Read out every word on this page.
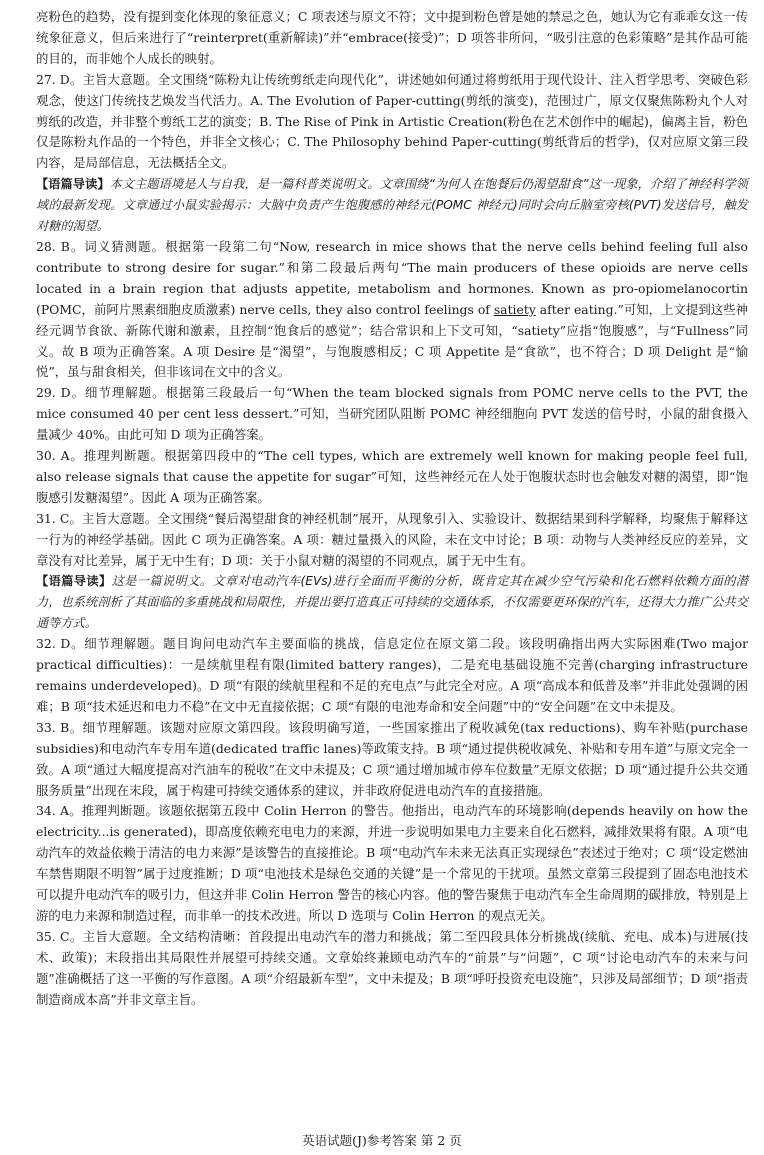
亮粉色的趋势，没有提到变化体现的象征意义；C 项表述与原文不符；文中提到粉色曾是她的禁忌之色，她认为它有乖乖女这一传统象征意义，但后来进行了“reinterpret(重新解读)”并“embrace(接受)”；D 项答非所问，“吸引注意的色彩策略”是其作品可能的目的，而非她个人成长的映射。

27. D。主旨大意题。全文围绕“陈粉丸让传统剪纸走向现代化”，讲述她如何通过将剪纸用于现代设计、注入哲学思考、突破色彩观念，使这门传统技艺焕发当代活力。A. The Evolution of Paper-cutting(剪纸的演变)，范围过广，原文仅聚焦陈粉丸个人对剪纸的改造，并非整个剪纸工艺的演变；B. The Rise of Pink in Artistic Creation(粉色在艺术创作中的崛起)，偏离主旨，粉色仅是陈粉丸作品的一个特色，并非全文核心；C. The Philosophy behind Paper-cutting(剪纸背后的哲学)，仅对应原文第三段内容，是局部信息，无法概括全文。

【语篇导读】本文主题语境是人与自我，是一篇科普类说明文。文章围绕“为何人在饱餐后仍渴望甜食”这一现象，介绍了神经科学领域的最新发现。文章通过小鼠实验揭示：大脑中负责产生饱腹感的神经元(POMC 神经元)同时会向丘脑室旁核(PVT)发送信号，触发对糖的渴望。

28. B。词义猜测题。根据第一段第二句“Now, research in mice shows that the nerve cells behind feeling full also contribute to strong desire for sugar.”和第二段最后两句“The main producers of these opioids are nerve cells located in a brain region that adjusts appetite, metabolism and hormones. Known as pro-opiomelanocortin (POMC，前阿片黑素细胞皮质激素) nerve cells, they also control feelings of satiety after eating.”可知，上文提到这些神经元调节食欲、新陈代谢和激素，且控制“饱食后的感觉”；结合常识和上下文可知，“satiety”应指“饱腹感”，与“Fullness”同义。故 B 项为正确答案。A 项 Desire 是“渴望”，与饱腹感相反；C 项 Appetite 是“食欲”，也不符合；D 项 Delight 是“愉悦”，虽与甜食相关，但非该词在文中的含义。

29. D。细节理解题。根据第三段最后一句“When the team blocked signals from POMC nerve cells to the PVT, the mice consumed 40 per cent less dessert.”可知，当研究团队阻断 POMC 神经细胞向 PVT 发送的信号时，小鼠的甜食摄入量减少 40%。由此可知 D 项为正确答案。

30. A。推理判断题。根据第四段中的“The cell types, which are extremely well known for making people feel full, also release signals that cause the appetite for sugar”可知，这些神经元在人处于饱腹状态时也会触发对糖的渴望，即“饱腹感引发糖渴望”。因此 A 项为正确答案。

31. C。主旨大意题。全文围绕“餐后渴望甜食的神经机制”展开，从现象引入、实验设计、数据结果到科学解释，均聚焦于解释这一行为的神经学基础。因此 C 项为正确答案。A 项：糖过量摄入的风险，未在文中讨论；B 项：动物与人类神经反应的差异，文章没有对比差异，属于无中生有；D 项：关于小鼠对糖的渴望的不同观点，属于无中生有。

【语篇导读】这是一篇说明文。文章对电动汽车(EVs)进行全面而平衡的分析，既肯定其在减少空气污染和化石燃料依赖方面的潜力，也系统剖析了其面临的多重挑战和局限性，并提出要打造真正可持续的交通体系，不仅需要更环保的汽车，还得大力推广公共交通等方式。

32. D。细节理解题。题目询问电动汽车主要面临的挑战，信息定位在原文第二段。该段明确指出两大实际困难(Two major practical difficulties)：一是续航里程有限(limited battery ranges)，二是充电基础设施不完善(charging infrastructure remains underdeveloped)。D 项“有限的续航里程和不足的充电点”与此完全对应。A 项“高成本和低普及率”并非此处强调的困难；B 项“技术延迟和电力不稳”在文中无直接依据；C 项“有限的电池寿命和安全问题”中的“安全问题”在文中未提及。

33. B。细节理解题。该题对应原文第四段。该段明确写道，一些国家推出了税收减免(tax reductions)、购车补贴(purchase subsidies)和电动汽车专用车道(dedicated traffic lanes)等政策支持。B 项“通过提供税收减免、补贴和专用车道”与原文完全一致。A 项“通过大幅度提高对汽油车的税收”在文中未提及；C 项“通过增加城市停车位数量”无原文依据；D 项“通过提升公共交通服务质量”出现在末段，属于构建可持续交通体系的建议，并非政府促进电动汽车的直接措施。

34. A。推理判断题。该题依据第五段中 Colin Herron 的警告。他指出，电动汽车的环境影响(depends heavily on how the electricity...is generated)，即高度依赖充电电力的来源，并进一步说明如果电力主要来自化石燃料，减排效果将有限。A 项“电动汽车的效益依赖于清洁的电力来源”是该警告的直接推论。B 项“电动汽车未来无法真正实现绿色”表述过于绝对；C 项“设定燃油车禁售期限不明智”属于过度推断；D 项“电池技术是绿色交通的关键”是一个常见的干扰项。虽然文章第三段提到了固态电池技术可以提升电动汽车的吸引力，但这并非 Colin Herron 警告的核心内容。他的警告聚焦于电动汽车全生命周期的碳排放，特别是上游的电力来源和制造过程，而非单一的技术改进。所以 D 选项与 Colin Herron 的观点无关。

35. C。主旨大意题。全文结构清晰：首段提出电动汽车的潜力和挑战；第二至四段具体分析挑战(续航、充电、成本)与进展(技术、政策)；末段指出其局限性并展望可持续交通。文章始终兼顾电动汽车的“前景”与“问题”，C 项“讨论电动汽车的未来与问题”准确概括了这一平衡的写作意图。A 项“介绍最新车型”，文中未提及；B 项“呼吁投资充电设施”，只涉及局部细节；D 项“指责制造商成本高”并非文章主旨。

英语试题(J)参考答案 第 2 页
